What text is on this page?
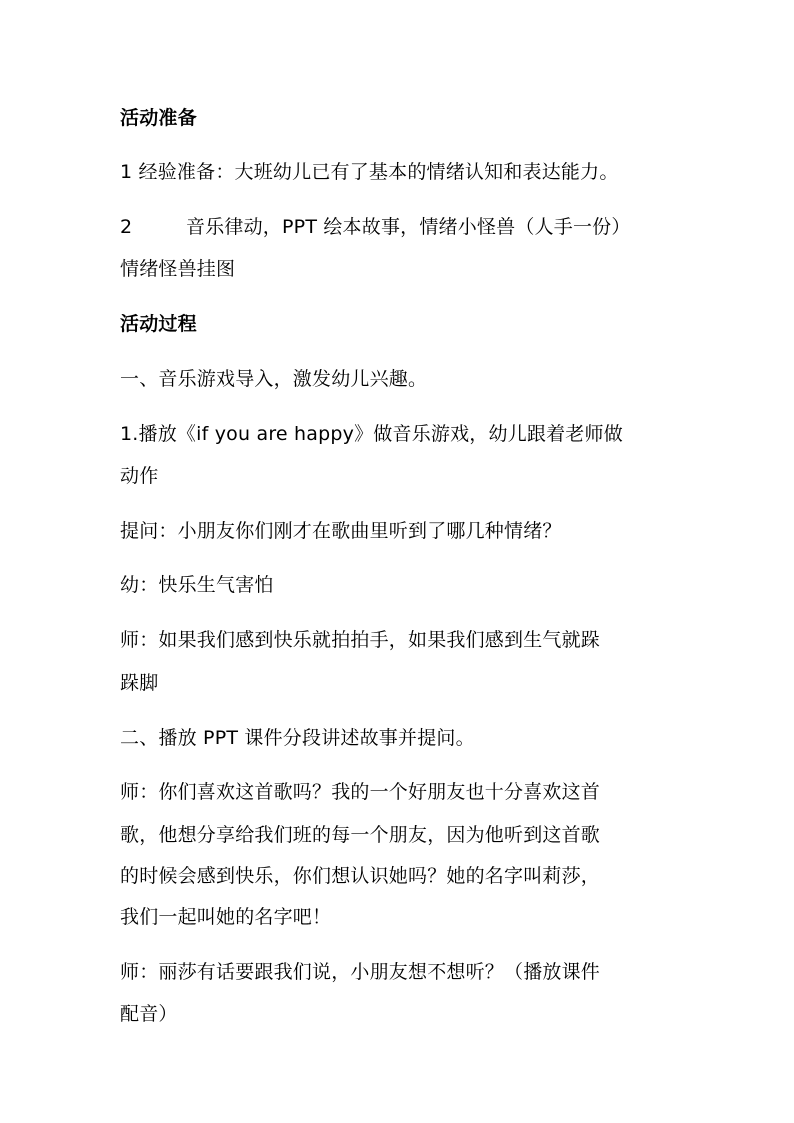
活动准备
1 经验准备：大班幼儿已有了基本的情绪认知和表达能力。
2	音乐律动，PPT 绘本故事，情绪小怪兽（人手一份）
情绪怪兽挂图
活动过程
一、音乐游戏导入，激发幼儿兴趣。
1.播放《if you are happy》做音乐游戏，幼儿跟着老师做
动作
提问：小朋友你们刚才在歌曲里听到了哪几种情绪？
幼：快乐生气害怕
师：如果我们感到快乐就拍拍手，如果我们感到生气就跺
跺脚
二、播放 PPT 课件分段讲述故事并提问。
师：你们喜欢这首歌吗？我的一个好朋友也十分喜欢这首
歌，他想分享给我们班的每一个朋友，因为他听到这首歌
的时候会感到快乐，你们想认识她吗？她的名字叫莉莎，
我们一起叫她的名字吧！
师：丽莎有话要跟我们说，小朋友想不想听？（播放课件
配音）
